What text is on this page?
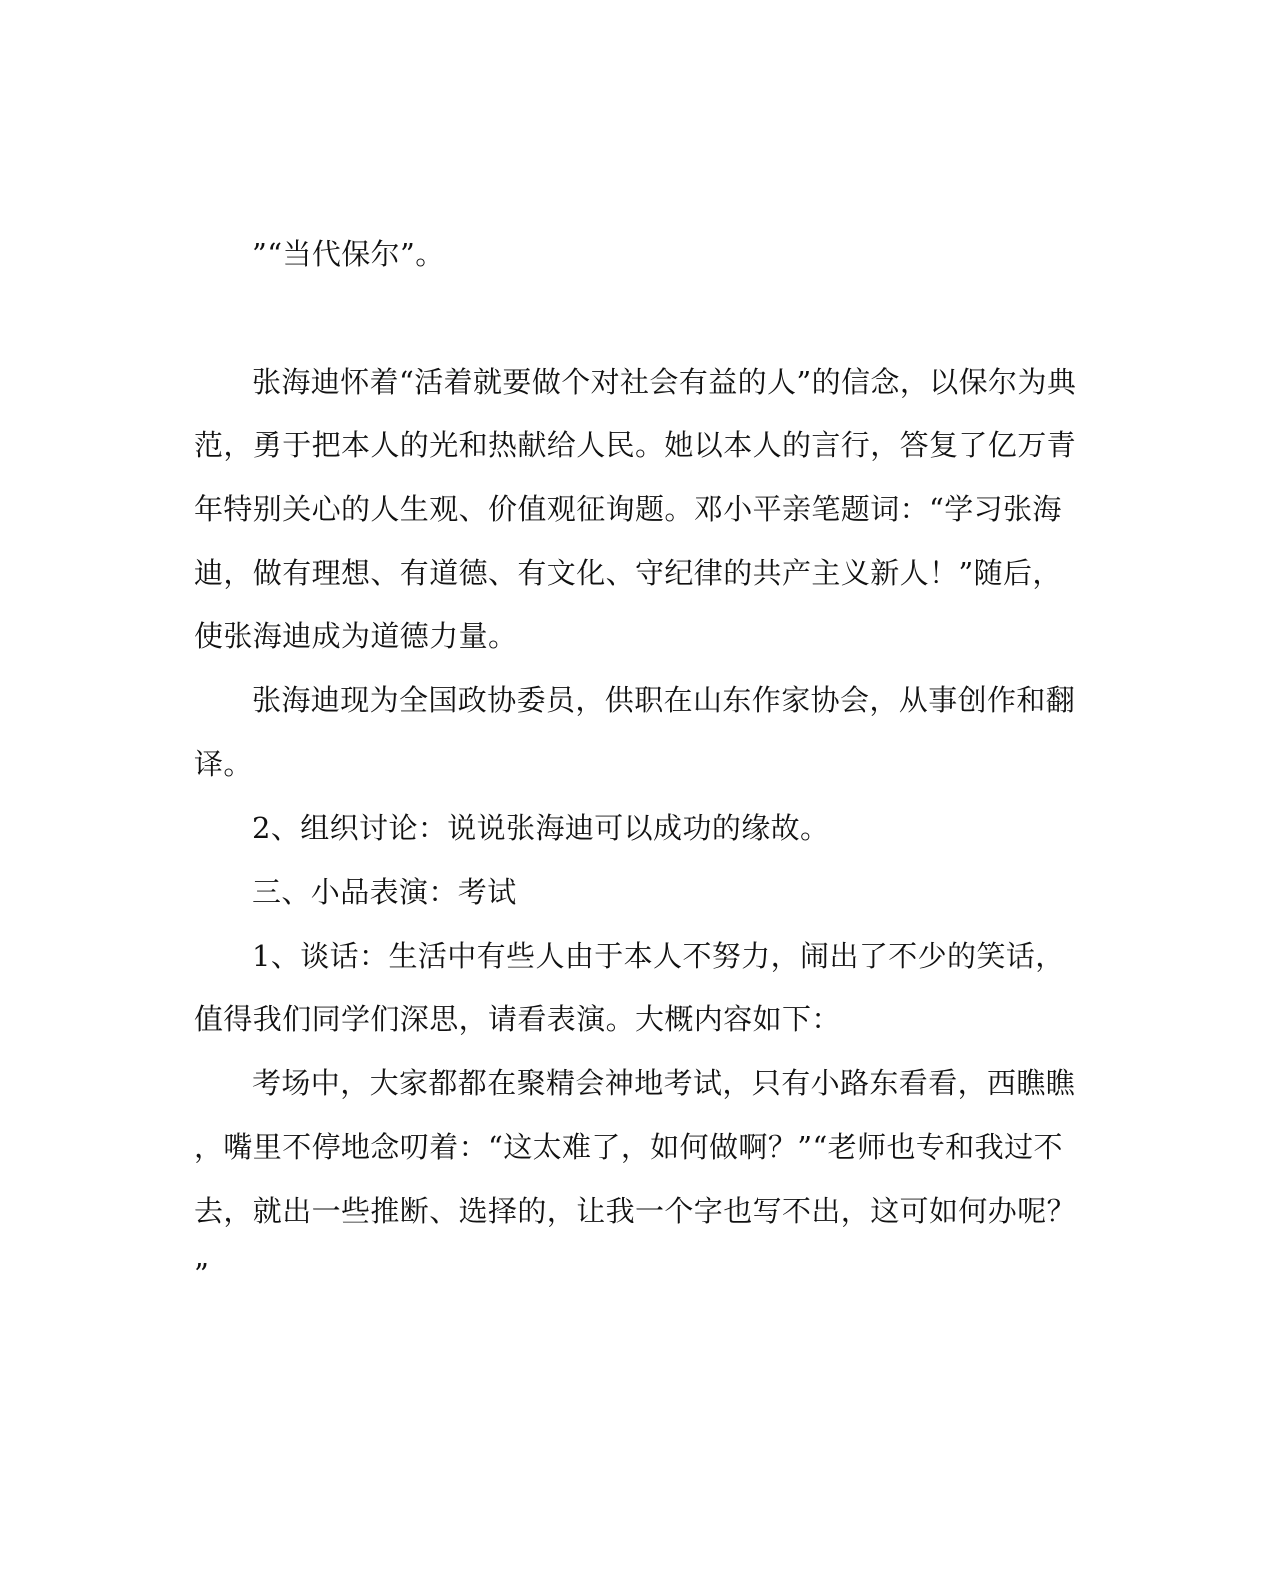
”“当代保尔”。
张海迪怀着“活着就要做个对社会有益的人”的信念，以保尔为典
范，勇于把本人的光和热献给人民。她以本人的言行，答复了亿万青
年特别关心的人生观、价值观征询题。邓小平亲笔题词：“学习张海
迪，做有理想、有道德、有文化、守纪律的共产主义新人！”随后，
使张海迪成为道德力量。
张海迪现为全国政协委员，供职在山东作家协会，从事创作和翻
译。
2、组织讨论：说说张海迪可以成功的缘故。
三、小品表演：考试
1、谈话：生活中有些人由于本人不努力，闹出了不少的笑话，
值得我们同学们深思，请看表演。大概内容如下：
考场中，大家都都在聚精会神地考试，只有小路东看看，西瞧瞧
，嘴里不停地念叨着：“这太难了，如何做啊？”“老师也专和我过不
去，就出一些推断、选择的，让我一个字也写不出，这可如何办呢？
”
